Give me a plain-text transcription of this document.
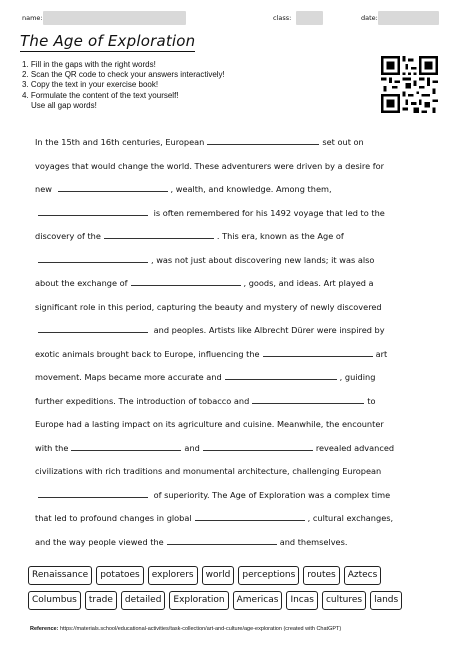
name:	class:	date:
The Age of Exploration
1. Fill in the gaps with the right words!
2. Scan the QR code to check your answers interactively!
3. Copy the text in your exercise book!
4. Formulate the content of the text yourself!
Use all gap words!
In the 15th and 16th centuries, European	set out on voyages that would change the world. These adventurers were driven by a desire for new	, wealth, and knowledge. Among them,  is often remembered for his 1492 voyage that led to the discovery of the	. This era, known as the Age of , was not just about discovering new lands; it was also about the exchange of	, goods, and ideas. Art played a significant role in this period, capturing the beauty and mystery of newly discovered  and peoples. Artists like Albrecht Dürer were inspired by exotic animals brought back to Europe, influencing the	art movement. Maps became more accurate and	, guiding further expeditions. The introduction of tobacco and	to Europe had a lasting impact on its agriculture and cuisine. Meanwhile, the encounter with the	and	revealed advanced civilizations with rich traditions and monumental architecture, challenging European  of superiority. The Age of Exploration was a complex time that led to profound changes in global	, cultural exchanges, and the way people viewed the	and themselves.
Renaissance	potatoes	explorers	world	perceptions	routes	Aztecs
Columbus	trade	detailed	Exploration	Americas	Incas	cultures	lands
Reference: https://materials.school/educational-activities/task-collection/art-and-culture/age-exploration (created with ChatGPT)
